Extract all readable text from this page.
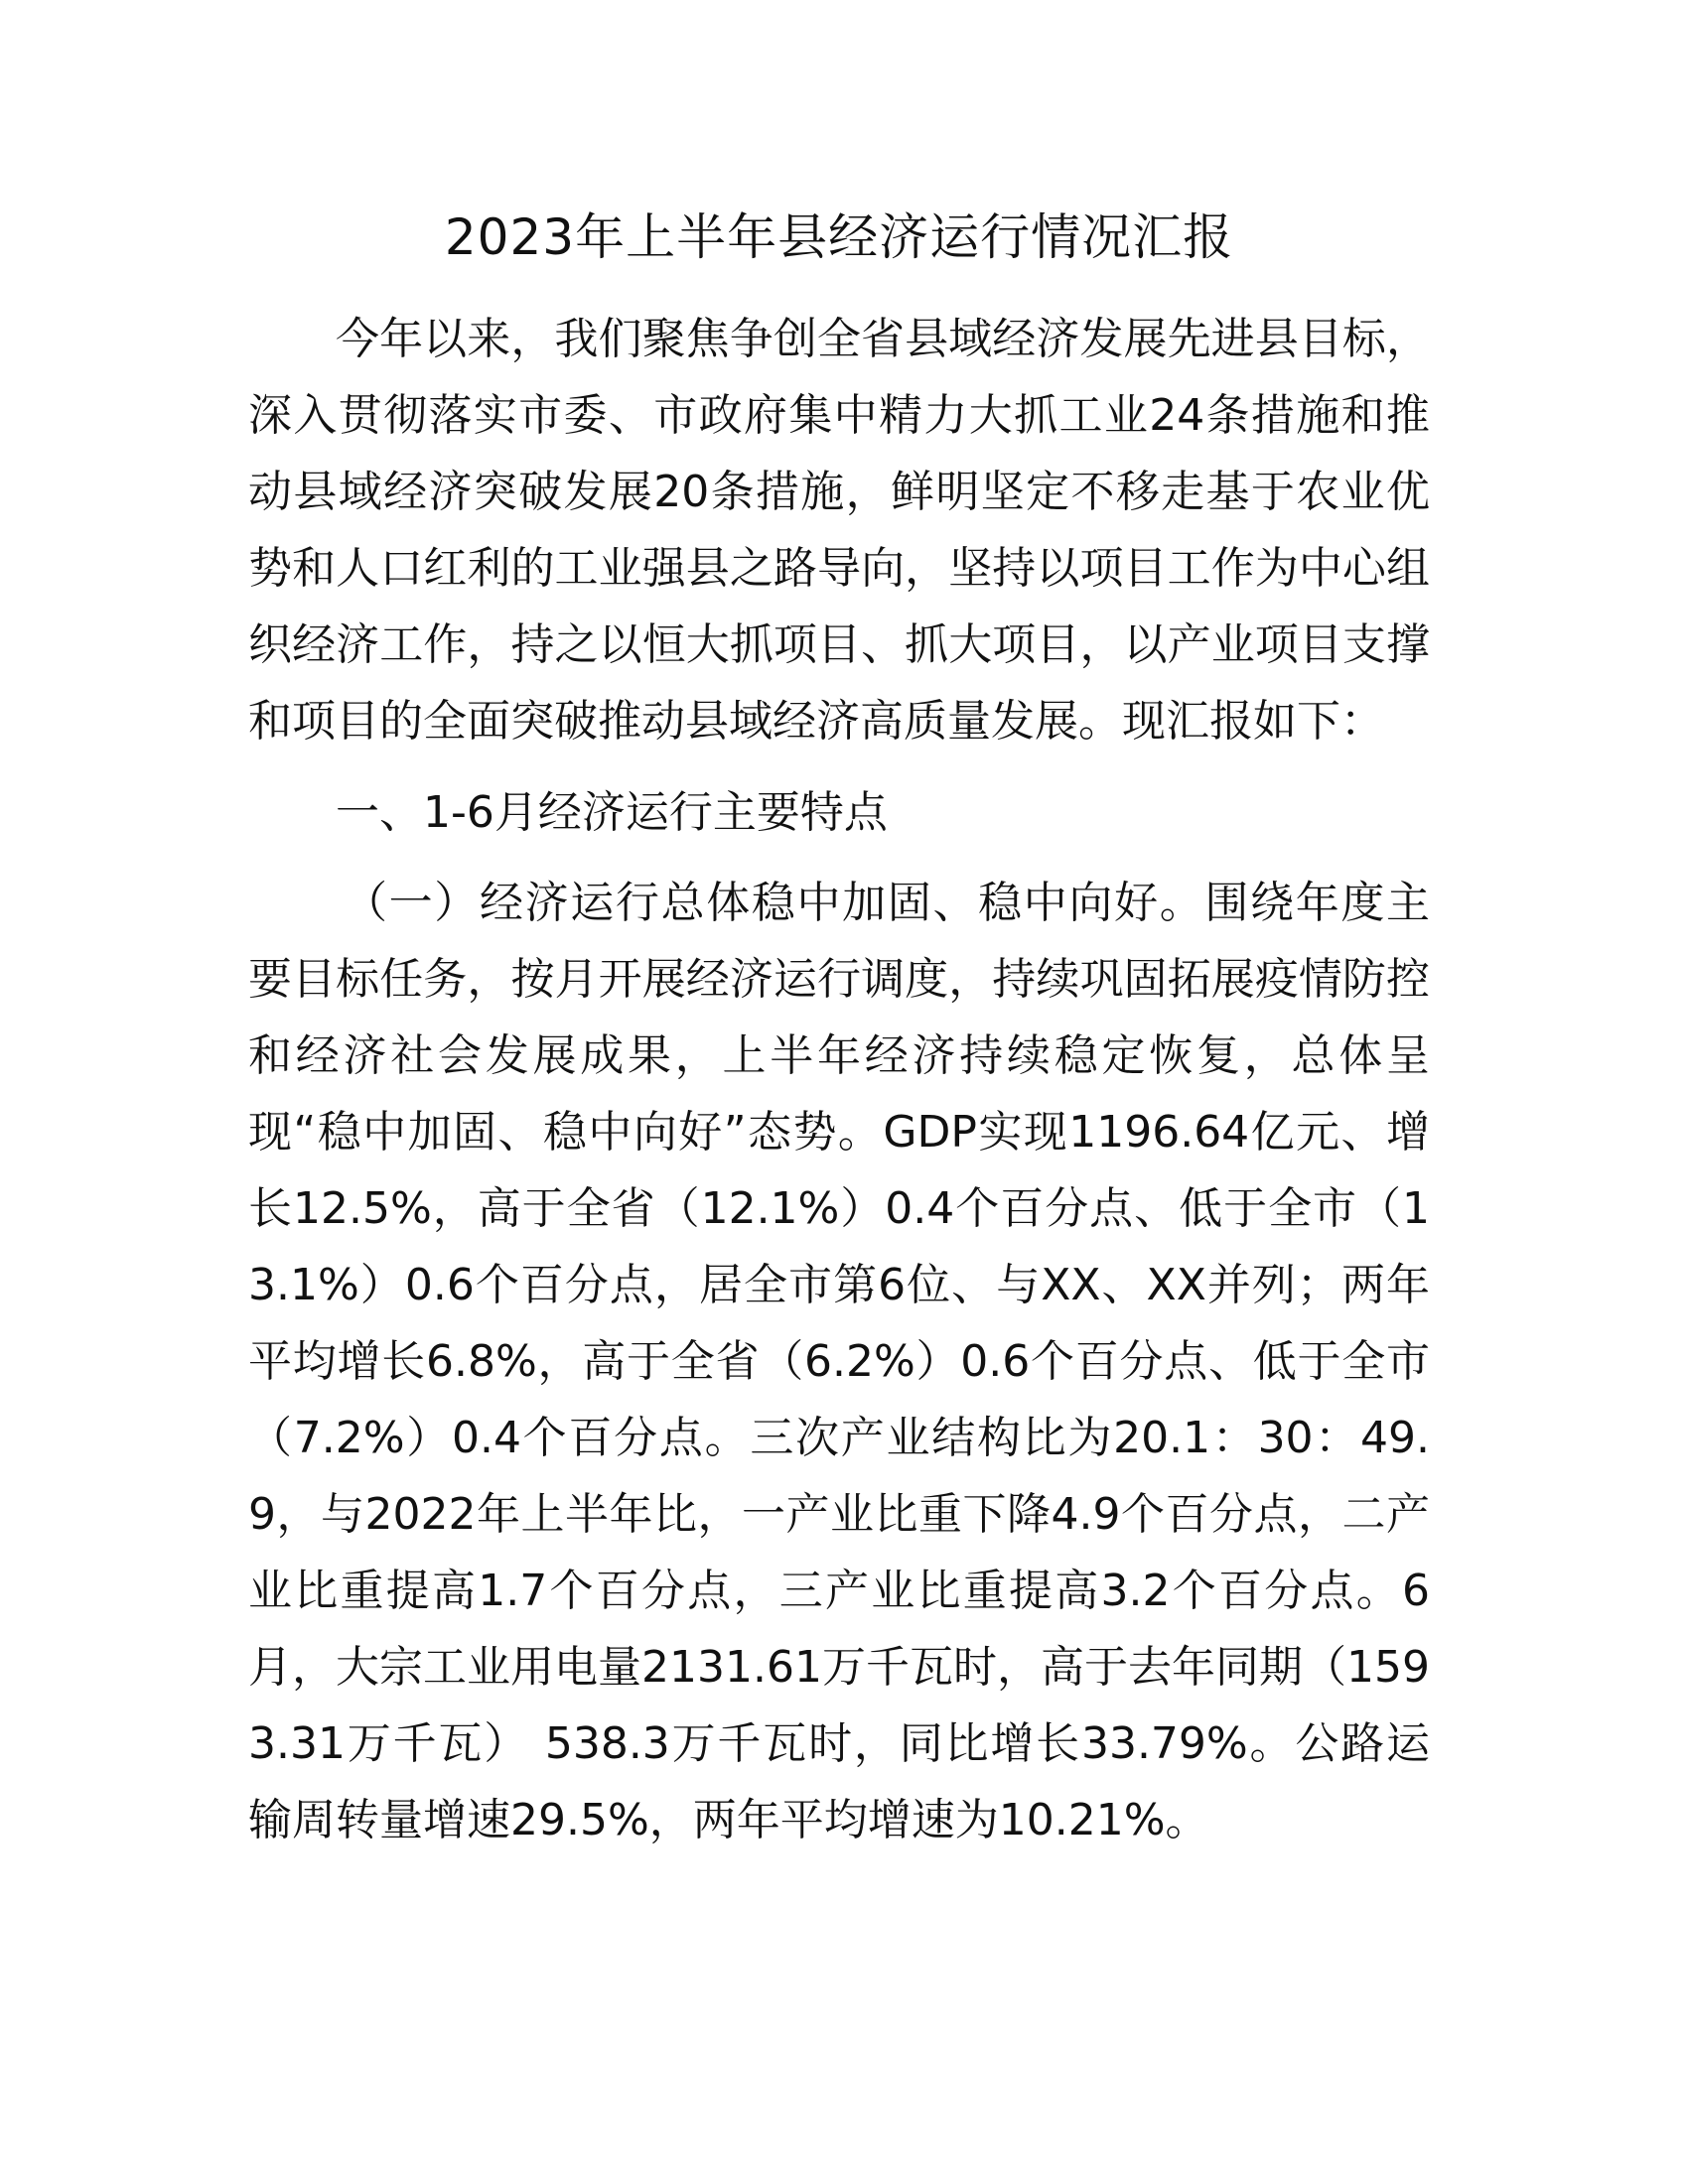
2023年上半年县经济运行情况汇报

今年以来，我们聚焦争创全省县域经济发展先进县目标，深入贯彻落实市委、市政府集中精力大抓工业24条措施和推动县域经济突破发展20条措施，鲜明坚定不移走基于农业优势和人口红利的工业强县之路导向，坚持以项目工作为中心组织经济工作，持之以恒大抓项目、抓大项目，以产业项目支撑和项目的全面突破推动县域经济高质量发展。现汇报如下：

一、1-6月经济运行主要特点

（一）经济运行总体稳中加固、稳中向好。围绕年度主要目标任务，按月开展经济运行调度，持续巩固拓展疫情防控和经济社会发展成果，上半年经济持续稳定恢复，总体呈现“稳中加固、稳中向好”态势。GDP实现1196.64亿元、增长12.5%，高于全省（12.1%）0.4个百分点、低于全市（13.1%）0.6个百分点，居全市第6位、与XX、XX并列；两年平均增长6.8%，高于全省（6.2%）0.6个百分点、低于全市（7.2%）0.4个百分点。三次产业结构比为20.1：30：49.9，与2022年上半年比，一产业比重下降4.9个百分点，二产业比重提高1.7个百分点，三产业比重提高3.2个百分点。6月，大宗工业用电量2131.61万千瓦时，高于去年同期（1593.31万千瓦） 538.3万千瓦时，同比增长33.79%。公路运输周转量增速29.5%，两年平均增速为10.21%。
